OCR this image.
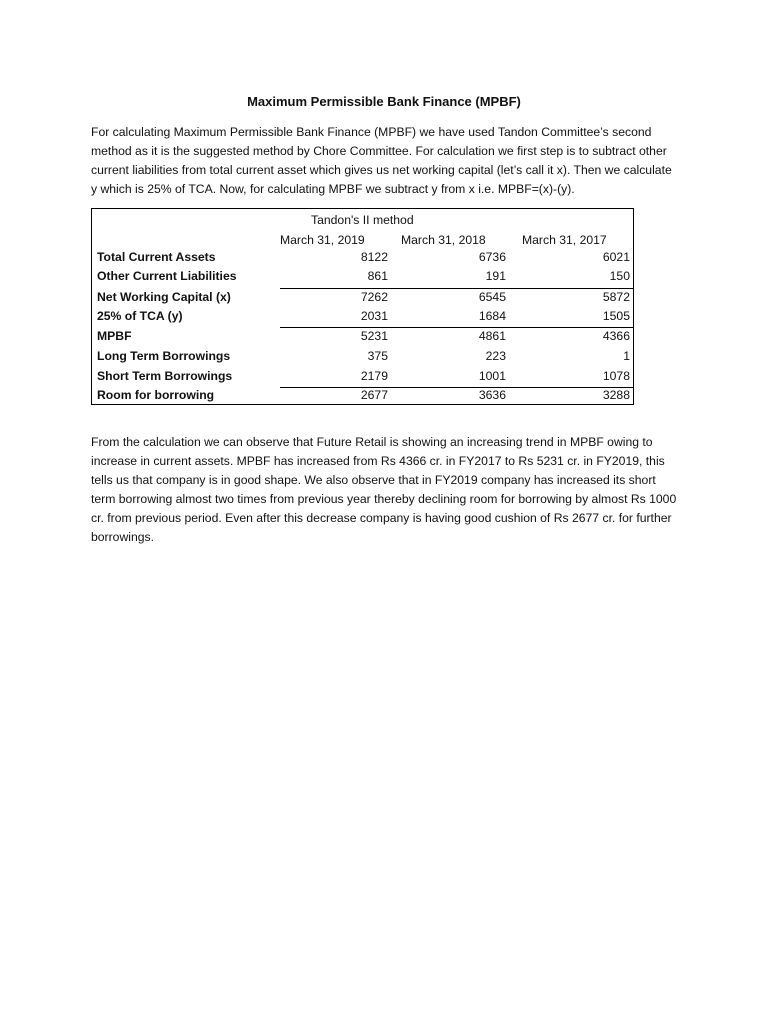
Maximum Permissible Bank Finance (MPBF)

For calculating Maximum Permissible Bank Finance (MPBF) we have used Tandon Committee’s second method as it is the suggested method by Chore Committee. For calculation we first step is to subtract other current liabilities from total current asset which gives us net working capital (let’s call it x). Then we calculate y which is 25% of TCA. Now, for calculating MPBF we subtract y from x i.e. MPBF=(x)-(y).

Tandon's II method
March 31, 2019	March 31, 2018	March 31, 2017
Total Current Assets	8122	6736	6021
Other Current Liabilities	861	191	150
Net Working Capital (x)	7262	6545	5872
25% of TCA (y)	2031	1684	1505
MPBF	5231	4861	4366
Long Term Borrowings	375	223	1
Short Term Borrowings	2179	1001	1078
Room for borrowing	2677	3636	3288

From the calculation we can observe that Future Retail is showing an increasing trend in MPBF owing to increase in current assets. MPBF has increased from Rs 4366 cr. in FY2017 to Rs 5231 cr. in FY2019, this tells us that company is in good shape. We also observe that in FY2019 company has increased its short term borrowing almost two times from previous year thereby declining room for borrowing by almost Rs 1000 cr. from previous period. Even after this decrease company is having good cushion of Rs 2677 cr. for further borrowings.
